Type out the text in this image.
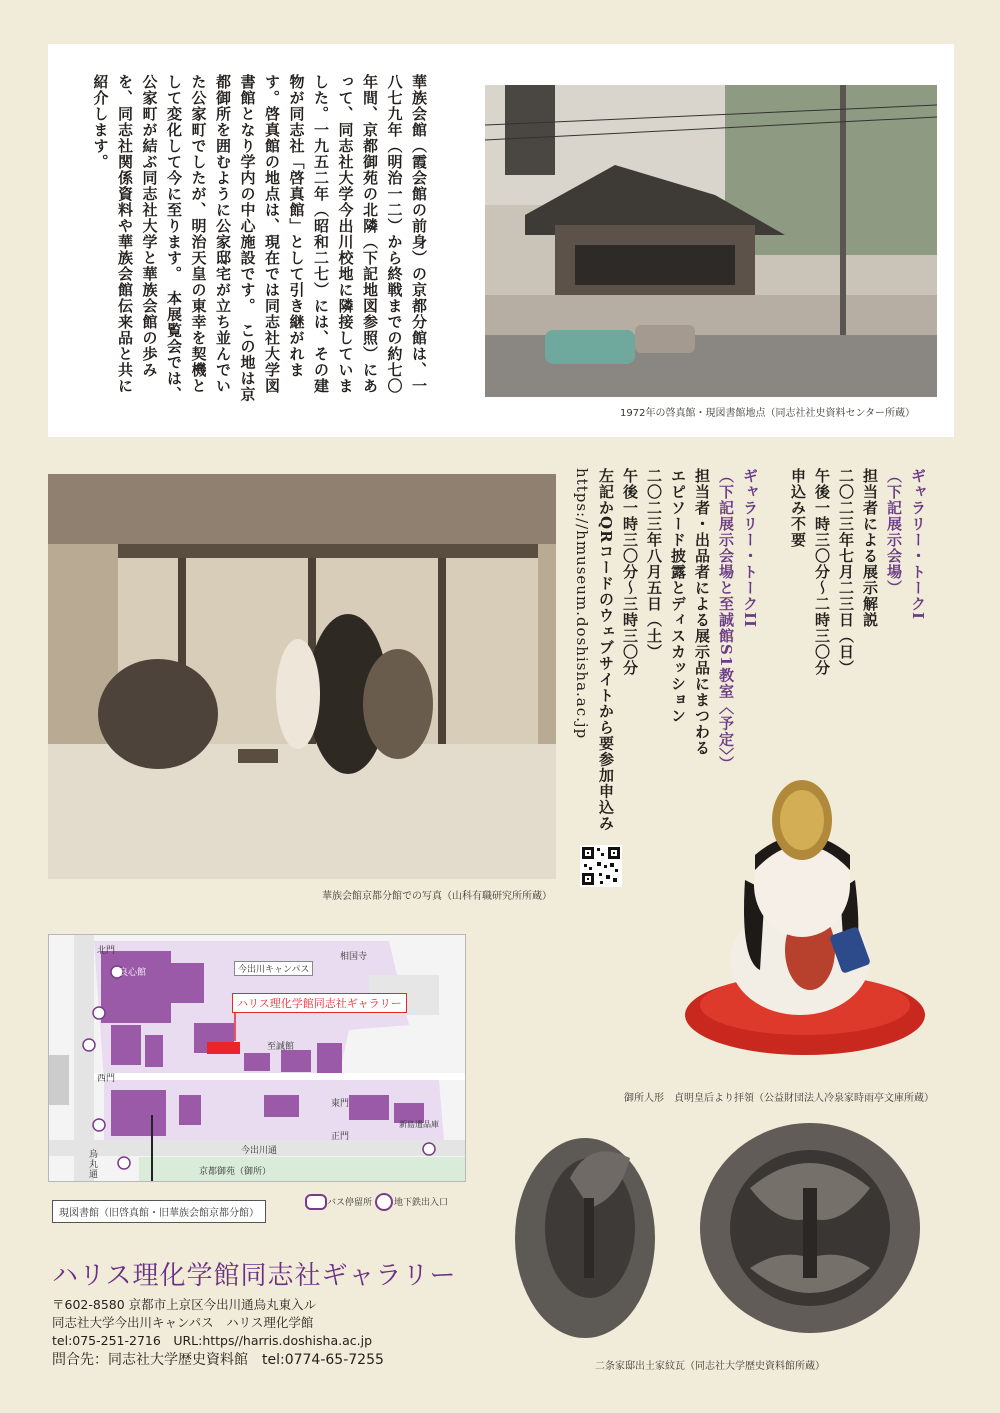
華族会館（霞会館の前身）の京都分館は、一八七九年（明治一二）から終戦までの約七〇年間、京都御苑の北隣（下記地図参照）にあって、同志社大学今出川校地に隣接していました。一九五二年（昭和二七）には、その建物が同志社「啓真館」として引き継がれます。啓真館の地点は、現在では同志社大学図書館となり学内の中心施設です。　この地は京都御所を囲むように公家邸宅が立ち並んでいた公家町でしたが、明治天皇の東幸を契機として変化して今に至ります。　本展覧会では、公家町が結ぶ同志社大学と華族会館の歩みを、同志社関係資料や華族会館伝来品と共に紹介します。
1972年の啓真館・現図書館地点（同志社社史資料センター所蔵）
華族会館京都分館での写真（山科有職研究所所蔵）
ギャラリー・トークI
（下記展示会場）
担当者による展示解説
二〇二三年七月二三日（日）
午後一時三〇分〜二時三〇分
申込み不要
ギャラリー・トークII
（下記展示会場と至誠館S1教室〈予定〉）
担当者・出品者による展示品にまつわる
エピソード披露とディスカッション
二〇二三年八月五日（土）
午後一時三〇分〜三時三〇分
左記かQRコードのウェブサイトから要参加申込み
https://hmuseum.doshisha.ac.jp
御所人形　貞明皇后より拝領（公益財団法人冷泉家時雨亭文庫所蔵）
二条家邸出土家紋瓦（同志社大学歴史資料館所蔵）
北門
相国寺
良心館	今出川キャンパス
ハリス理化学館同志社ギャラリー
至誠館
西門
東門
正門
新島遺品庫
今出川通
烏丸通	京都御苑（御所）
現図書館（旧啓真館・旧華族会館京都分館）
バス停留所 地下鉄出入口
ハリス理化学館同志社ギャラリー
〒602-8580 京都市上京区今出川通烏丸東入ル
同志社大学今出川キャンパス　ハリス理化学館
tel:075-251-2716　URL:https//harris.doshisha.ac.jp
問合先：同志社大学歴史資料館　tel:0774-65-7255
